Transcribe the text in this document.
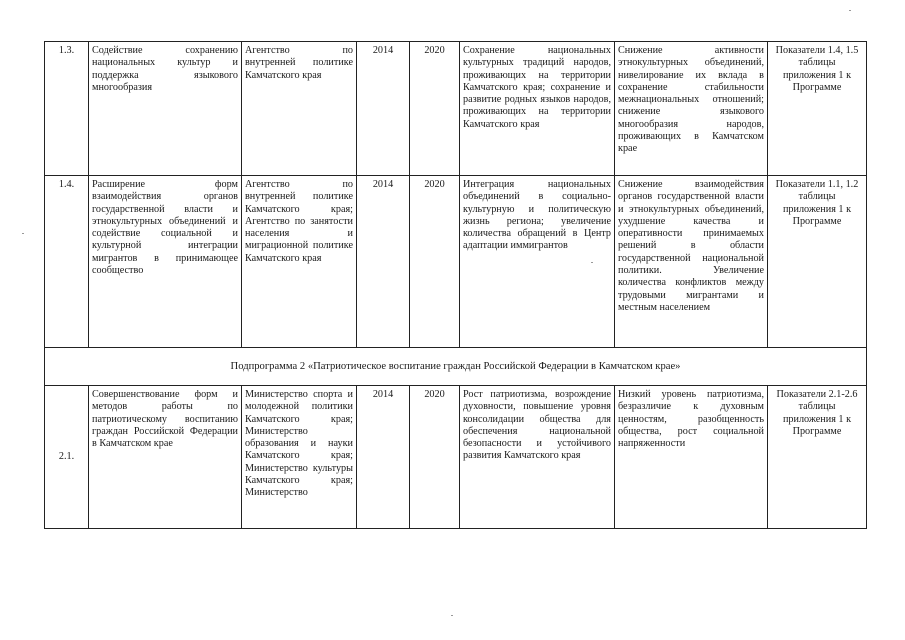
1.3.	Содействие сохранению национальных культур и поддержка языкового многообразия	Агентство по внутренней политике Камчатского края	2014	2020	Сохранение национальных культурных традиций народов, проживающих на территории Камчатского края; сохранение и развитие родных языков народов, проживающих на территории Камчатского края	Снижение активности этнокультурных объединений, нивелирование их вклада в сохранение стабильности межнациональных отношений; снижение языкового многообразия народов, проживающих в Камчатском крае	Показатели 1.4, 1.5 таблицы приложения 1 к Программе
1.4.	Расширение форм взаимодействия органов государственной власти и этнокультурных объединений и содействие социальной и культурной интеграции мигрантов в принимающее сообщество	Агентство по внутренней политике Камчатского края; Агентство по занятости населения и миграционной политике Камчатского края	2014	2020	Интеграция национальных объединений в социально-культурную и политическую жизнь региона; увеличение количества обращений в Центр адаптации иммигрантов	Снижение взаимодействия органов государственной власти и этнокультурных объединений, ухудшение качества и оперативности принимаемых решений в области государственной национальной политики. Увеличение количества конфликтов между трудовыми мигрантами и местным населением	Показатели 1.1, 1.2 таблицы приложения 1 к Программе
Подпрограмма 2 «Патриотическое воспитание граждан Российской Федерации в Камчатском крае»							
2.1.	Совершенствование форм и методов работы по патриотическому воспитанию граждан Российской Федерации в Камчатском крае	Министерство спорта и молодежной политики Камчатского края; Министерство образования и науки Камчатского края; Министерство культуры Камчатского края; Министерство	2014	2020	Рост патриотизма, возрождение духовности, повышение уровня консолидации общества для обеспечения национальной безопасности и устойчивого развития Камчатского края	Низкий уровень патриотизма, безразличие к духовным ценностям, разобщенность общества, рост социальной напряженности	Показатели 2.1-2.6 таблицы приложения 1 к Программе
